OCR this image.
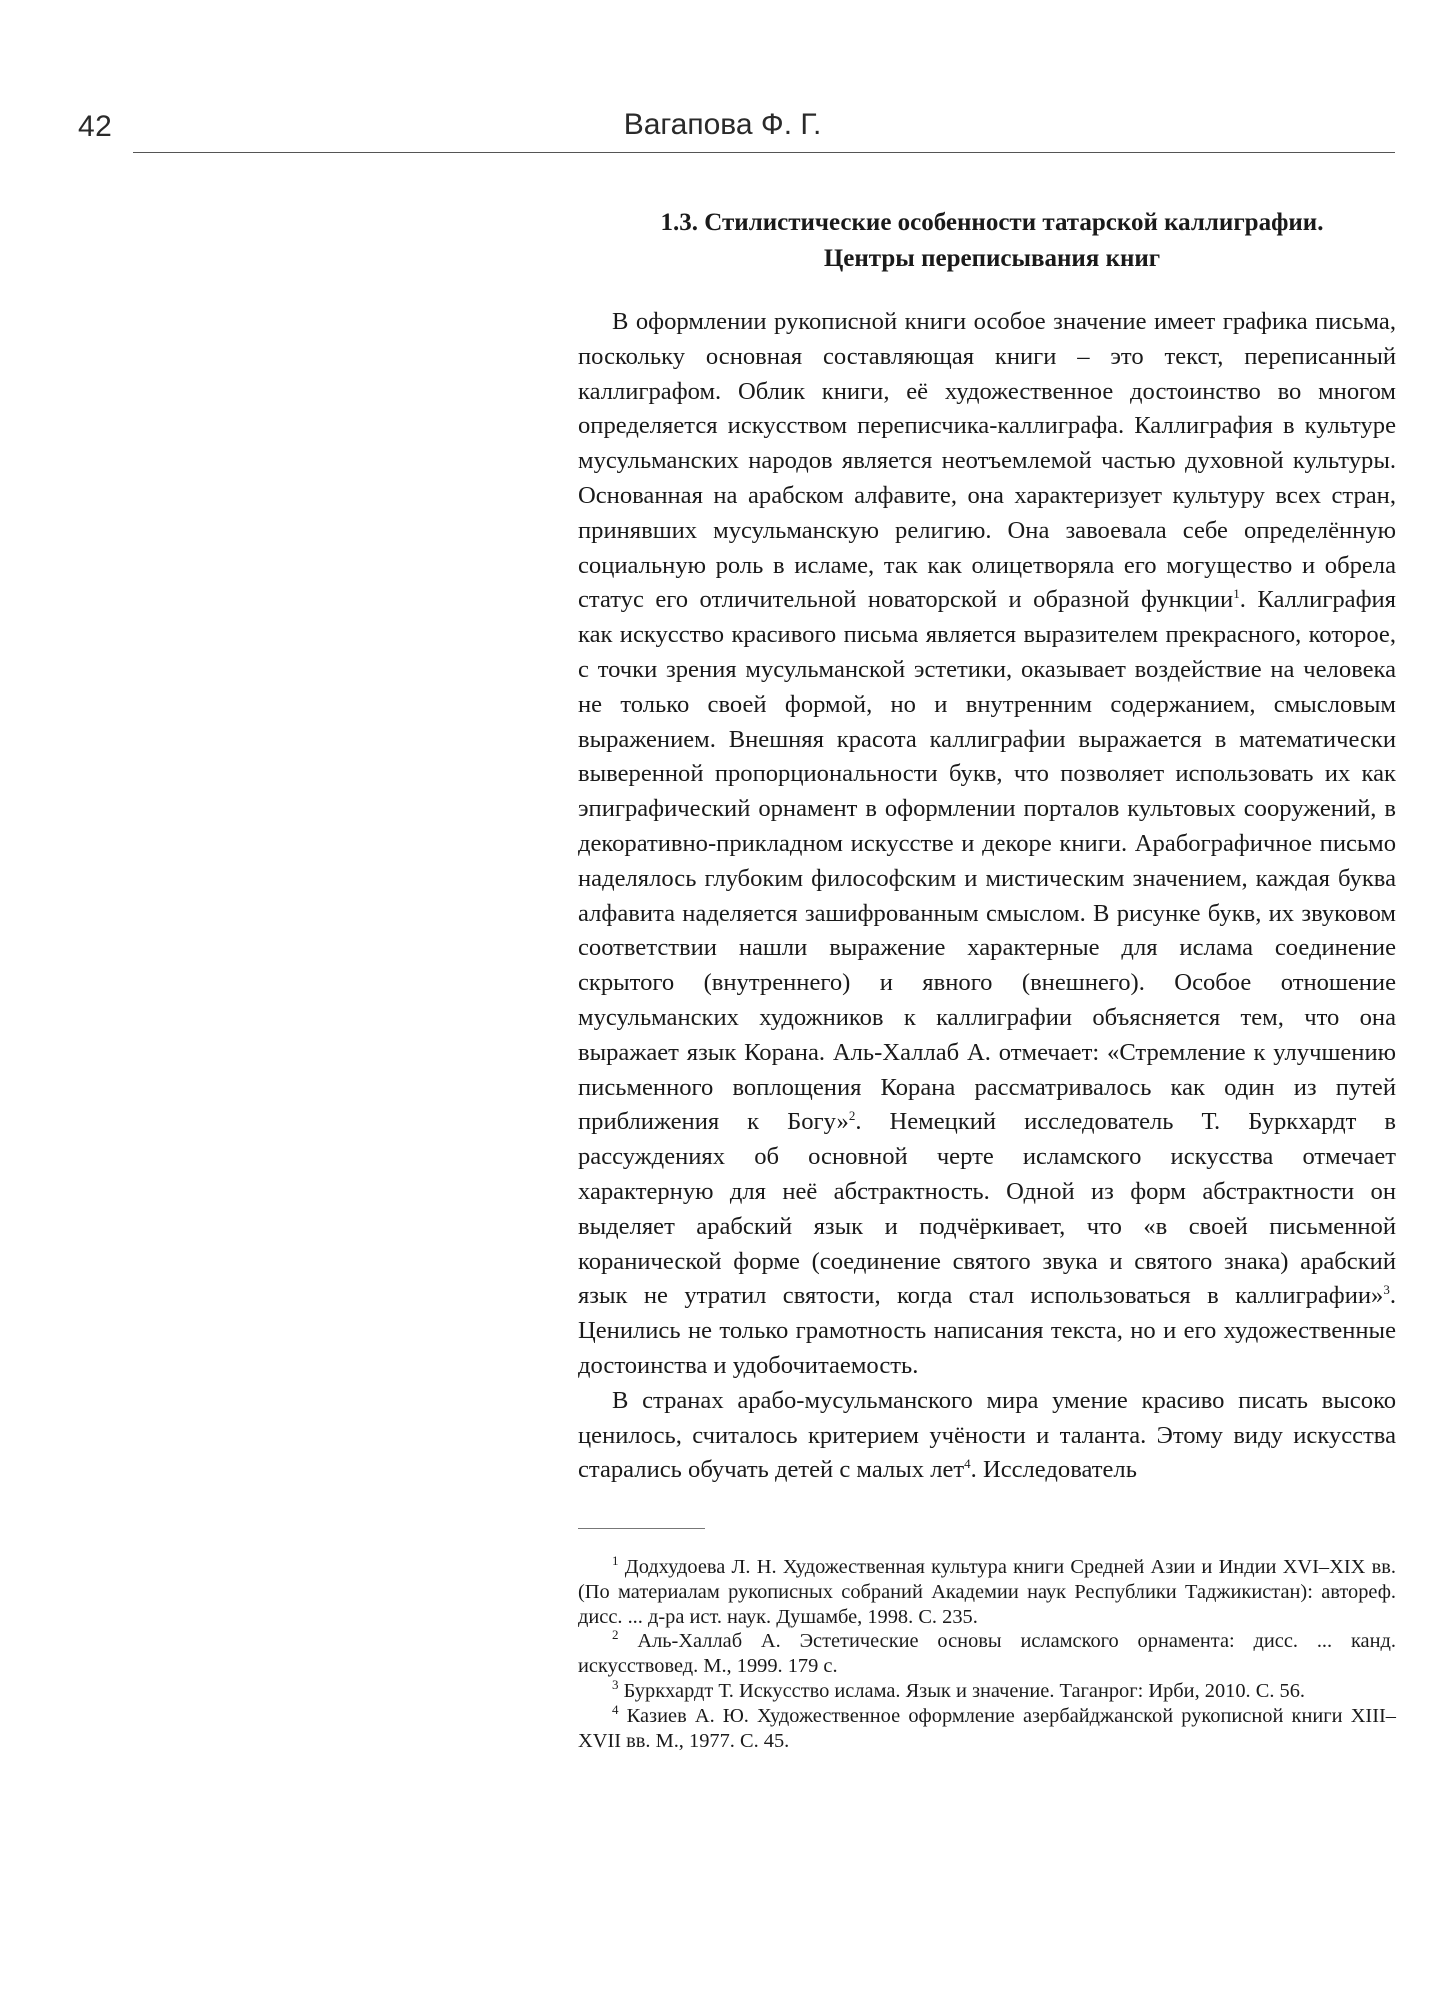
42	Вагапова Ф. Г.
1.3. Стилистические особенности татарской каллиграфии.
Центры переписывания книг

В оформлении рукописной книги особое значение имеет графика письма, поскольку основная составляющая книги – это текст, переписанный каллиграфом. Облик книги, её художественное достоинство во многом определяется искусством переписчика-каллиграфа. Каллиграфия в культуре мусульманских народов является неотъемлемой частью духовной культуры. Основанная на арабском алфавите, она характеризует культуру всех стран, принявших мусульманскую религию. Она завоевала себе определённую социальную роль в исламе, так как олицетворяла его могущество и обрела статус его отличительной новаторской и образной функции$^1$. Каллиграфия как искусство красивого письма является выразителем прекрасного, которое, с точки зрения мусульманской эстетики, оказывает воздействие на человека не только своей формой, но и внутренним содержанием, смысловым выражением. Внешняя красота каллиграфии выражается в математически выверенной пропорциональности букв, что позволяет использовать их как эпиграфический орнамент в оформлении порталов культовых сооружений, в декоративно-прикладном искусстве и декоре книги. Арабографичное письмо наделялось глубоким философским и мистическим значением, каждая буква алфавита наделяется зашифрованным смыслом. В рисунке букв, их звуковом соответствии нашли выражение характерные для ислама соединение скрытого (внутреннего) и явного (внешнего). Особое отношение мусульманских художников к каллиграфии объясняется тем, что она выражает язык Корана. Аль-Халлаб А. отмечает: «Стремление к улучшению письменного воплощения Корана рассматривалось как один из путей приближения к Богу»$^2$. Немецкий исследователь Т. Буркхардт в рассуждениях об основной черте исламского искусства отмечает характерную для неё абстрактность. Одной из форм абстрактности он выделяет арабский язык и подчёркивает, что «в своей письменной коранической форме (соединение святого звука и святого знака) арабский язык не утратил святости, когда стал использоваться в каллиграфии»$^3$. Ценились не только грамотность написания текста, но и его художественные достоинства и удобочитаемость.

В странах арабо-мусульманского мира умение красиво писать высоко ценилось, считалось критерием учёности и таланта. Этому виду искусства старались обучать детей с малых лет$^4$. Исследователь

$^1$ Додхудоева Л. Н. Художественная культура книги Средней Азии и Индии XVI–XIX вв. (По материалам рукописных собраний Академии наук Республики Таджикистан): автореф. дисс. ... д-ра ист. наук. Душамбе, 1998. С. 235.

$^2$ Аль-Халлаб А. Эстетические основы исламского орнамента: дисс. ... канд. искусствовед. М., 1999. 179 с.

$^3$ Буркхардт Т. Искусство ислама. Язык и значение. Таганрог: Ирби, 2010. С. 56.

$^4$ Казиев А. Ю. Художественное оформление азербайджанской рукописной книги XIII–XVII вв. М., 1977. С. 45.
